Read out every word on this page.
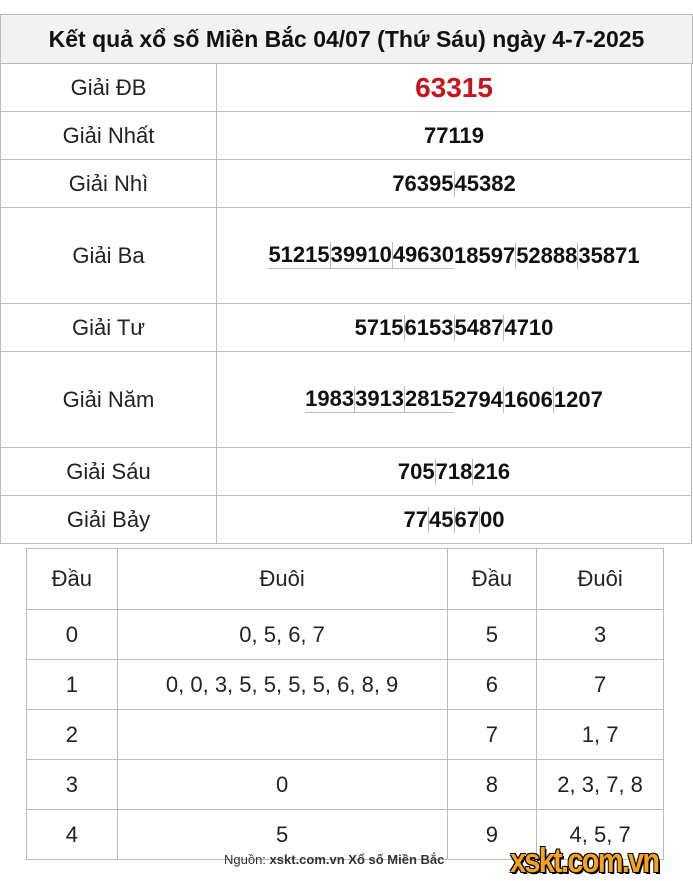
Kết quả xổ số Miền Bắc 04/07 (Thứ Sáu) ngày 4-7-2025
Giải ĐB	63315
Giải Nhất	77119
Giải Nhì	76395 45382
Giải Ba	51215 39910 49630 18597 52888 35871
Giải Tư	5715 6153 5487 4710
Giải Năm	1983 3913 2815 2794 1606 1207
Giải Sáu	705 718 216
Giải Bảy	77 45 67 00
Đầu	Đuôi	Đầu	Đuôi
0	0, 5, 6, 7	5	3
1	0, 0, 3, 5, 5, 5, 5, 6, 8, 9	6	7
2		7	1, 7
3	0	8	2, 3, 7, 8
4	5	9	4, 5, 7
Nguồn: xskt.com.vn Xổ số Miền Bắc xskt.com.vn
